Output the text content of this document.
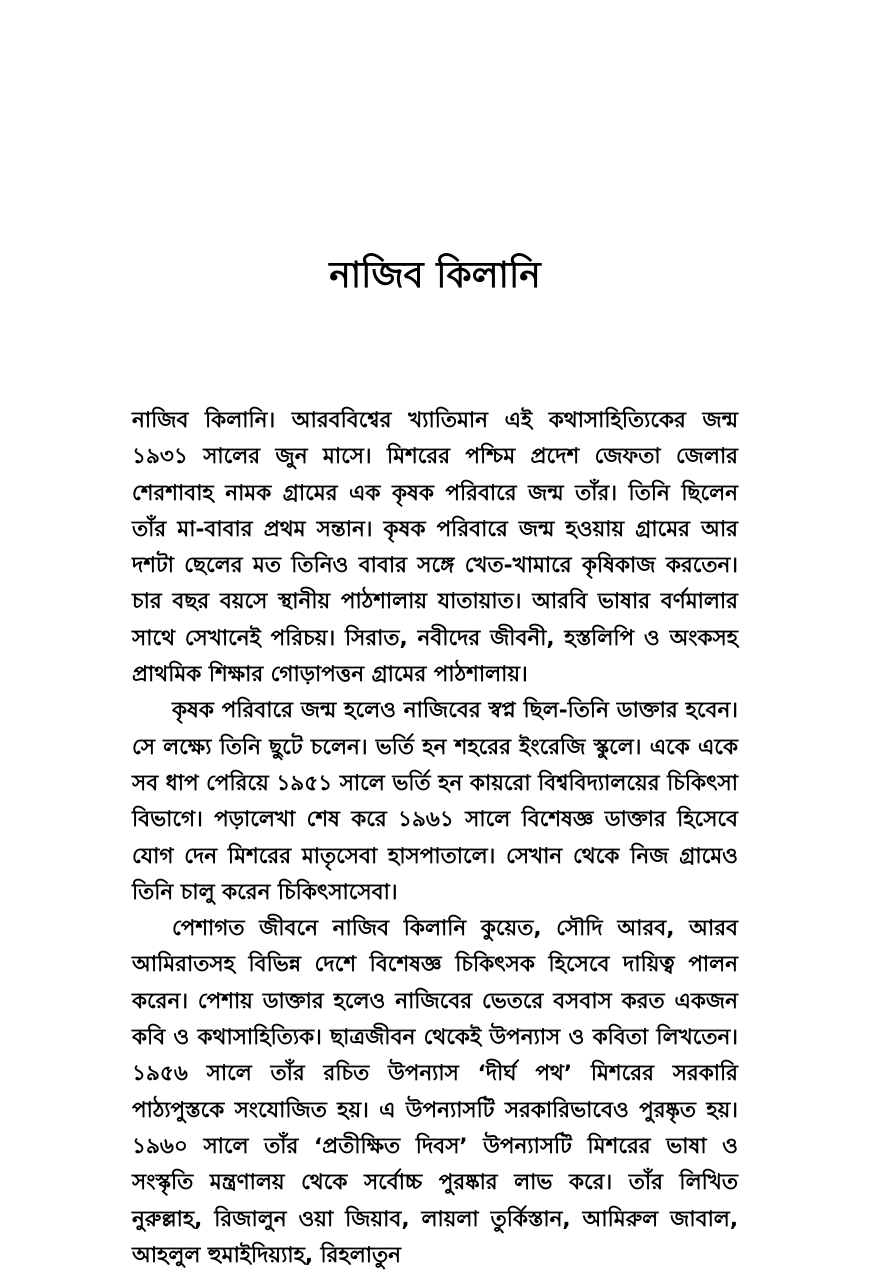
নাজিব কিলানি

নাজিব কিলানি। আরববিশ্বের খ্যাতিমান এই কথাসাহিত্যিকের জন্ম ১৯৩১ সালের জুন মাসে। মিশরের পশ্চিম প্রদেশ জেফতা জেলার শেরশাবাহ নামক গ্রামের এক কৃষক পরিবারে জন্ম তাঁর। তিনি ছিলেন তাঁর মা-বাবার প্রথম সন্তান। কৃষক পরিবারে জন্ম হওয়ায় গ্রামের আর দশটা ছেলের মত তিনিও বাবার সঙ্গে খেত-খামারে কৃষিকাজ করতেন। চার বছর বয়সে স্থানীয় পাঠশালায় যাতায়াত। আরবি ভাষার বর্ণমালার সাথে সেখানেই পরিচয়। সিরাত, নবীদের জীবনী, হস্তলিপি ও অংকসহ প্রাথমিক শিক্ষার গোড়াপত্তন গ্রামের পাঠশালায়।

কৃষক পরিবারে জন্ম হলেও নাজিবের স্বপ্ন ছিল-তিনি ডাক্তার হবেন। সে লক্ষ্যে তিনি ছুটে চলেন। ভর্তি হন শহরের ইংরেজি স্কুলে। একে একে সব ধাপ পেরিয়ে ১৯৫১ সালে ভর্তি হন কায়রো বিশ্ববিদ্যালয়ের চিকিৎসা বিভাগে। পড়ালেখা শেষ করে ১৯৬১ সালে বিশেষজ্ঞ ডাক্তার হিসেবে যোগ দেন মিশরের মাতৃসেবা হাসপাতালে। সেখান থেকে নিজ গ্রামেও তিনি চালু করেন চিকিৎসাসেবা।

পেশাগত জীবনে নাজিব কিলানি কুয়েত, সৌদি আরব, আরব আমিরাতসহ বিভিন্ন দেশে বিশেষজ্ঞ চিকিৎসক হিসেবে দায়িত্ব পালন করেন। পেশায় ডাক্তার হলেও নাজিবের ভেতরে বসবাস করত একজন কবি ও কথাসাহিত্যিক। ছাত্রজীবন থেকেই উপন্যাস ও কবিতা লিখতেন। ১৯৫৬ সালে তাঁর রচিত উপন্যাস ‘দীর্ঘ পথ’ মিশরের সরকারি পাঠ্যপুস্তকে সংযোজিত হয়। এ উপন্যাসটি সরকারিভাবেও পুরষ্কৃত হয়। ১৯৬০ সালে তাঁর ‘প্রতীক্ষিত দিবস’ উপন্যাসটি মিশরের ভাষা ও সংস্কৃতি মন্ত্রণালয় থেকে সর্বোচ্চ পুরষ্কার লাভ করে। তাঁর লিখিত নুরুল্লাহ, রিজালুন ওয়া জিয়াব, লায়লা তুর্কিস্তান, আমিরুল জাবাল, আহলুল হুমাইদিয়্যাহ, রিহলাতুন
